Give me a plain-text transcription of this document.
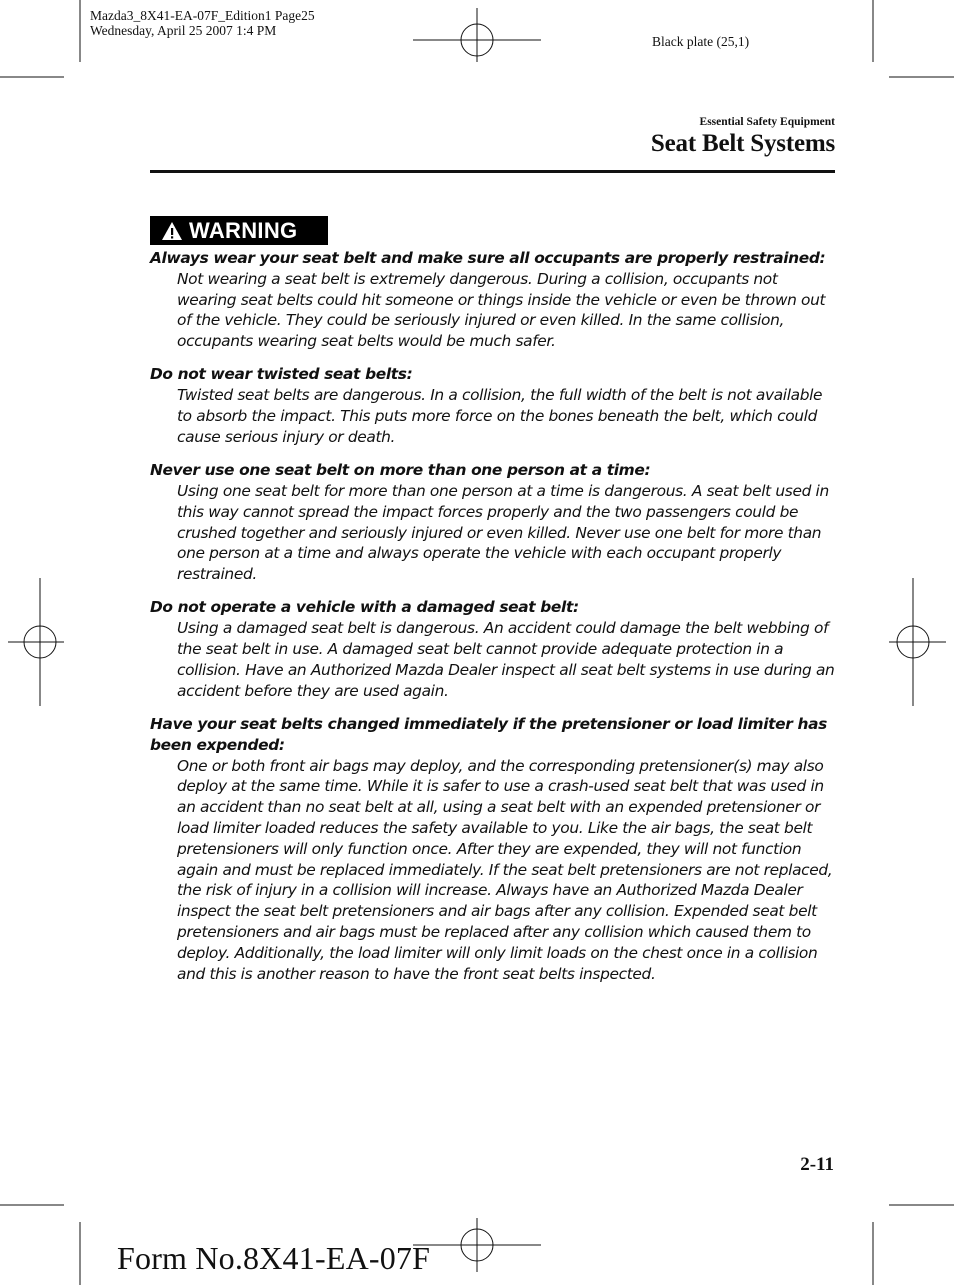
Mazda3_8X41-EA-07F_Edition1 Page25
Wednesday, April 25 2007 1:4 PM
Black plate (25,1)
Essential Safety Equipment
Seat Belt Systems
WARNING
Always wear your seat belt and make sure all occupants are properly restrained:
Not wearing a seat belt is extremely dangerous. During a collision, occupants not wearing seat belts could hit someone or things inside the vehicle or even be thrown out of the vehicle. They could be seriously injured or even killed. In the same collision, occupants wearing seat belts would be much safer.
Do not wear twisted seat belts:
Twisted seat belts are dangerous. In a collision, the full width of the belt is not available to absorb the impact. This puts more force on the bones beneath the belt, which could cause serious injury or death.
Never use one seat belt on more than one person at a time:
Using one seat belt for more than one person at a time is dangerous. A seat belt used in this way cannot spread the impact forces properly and the two passengers could be crushed together and seriously injured or even killed. Never use one belt for more than one person at a time and always operate the vehicle with each occupant properly restrained.
Do not operate a vehicle with a damaged seat belt:
Using a damaged seat belt is dangerous. An accident could damage the belt webbing of the seat belt in use. A damaged seat belt cannot provide adequate protection in a collision. Have an Authorized Mazda Dealer inspect all seat belt systems in use during an accident before they are used again.
Have your seat belts changed immediately if the pretensioner or load limiter has been expended:
One or both front air bags may deploy, and the corresponding pretensioner(s) may also deploy at the same time. While it is safer to use a crash-used seat belt that was used in an accident than no seat belt at all, using a seat belt with an expended pretensioner or load limiter loaded reduces the safety available to you. Like the air bags, the seat belt pretensioners will only function once. After they are expended, they will not function again and must be replaced immediately. If the seat belt pretensioners are not replaced, the risk of injury in a collision will increase. Always have an Authorized Mazda Dealer inspect the seat belt pretensioners and air bags after any collision. Expended seat belt pretensioners and air bags must be replaced after any collision which caused them to deploy. Additionally, the load limiter will only limit loads on the chest once in a collision and this is another reason to have the front seat belts inspected.
2-11
Form No.8X41-EA-07F
